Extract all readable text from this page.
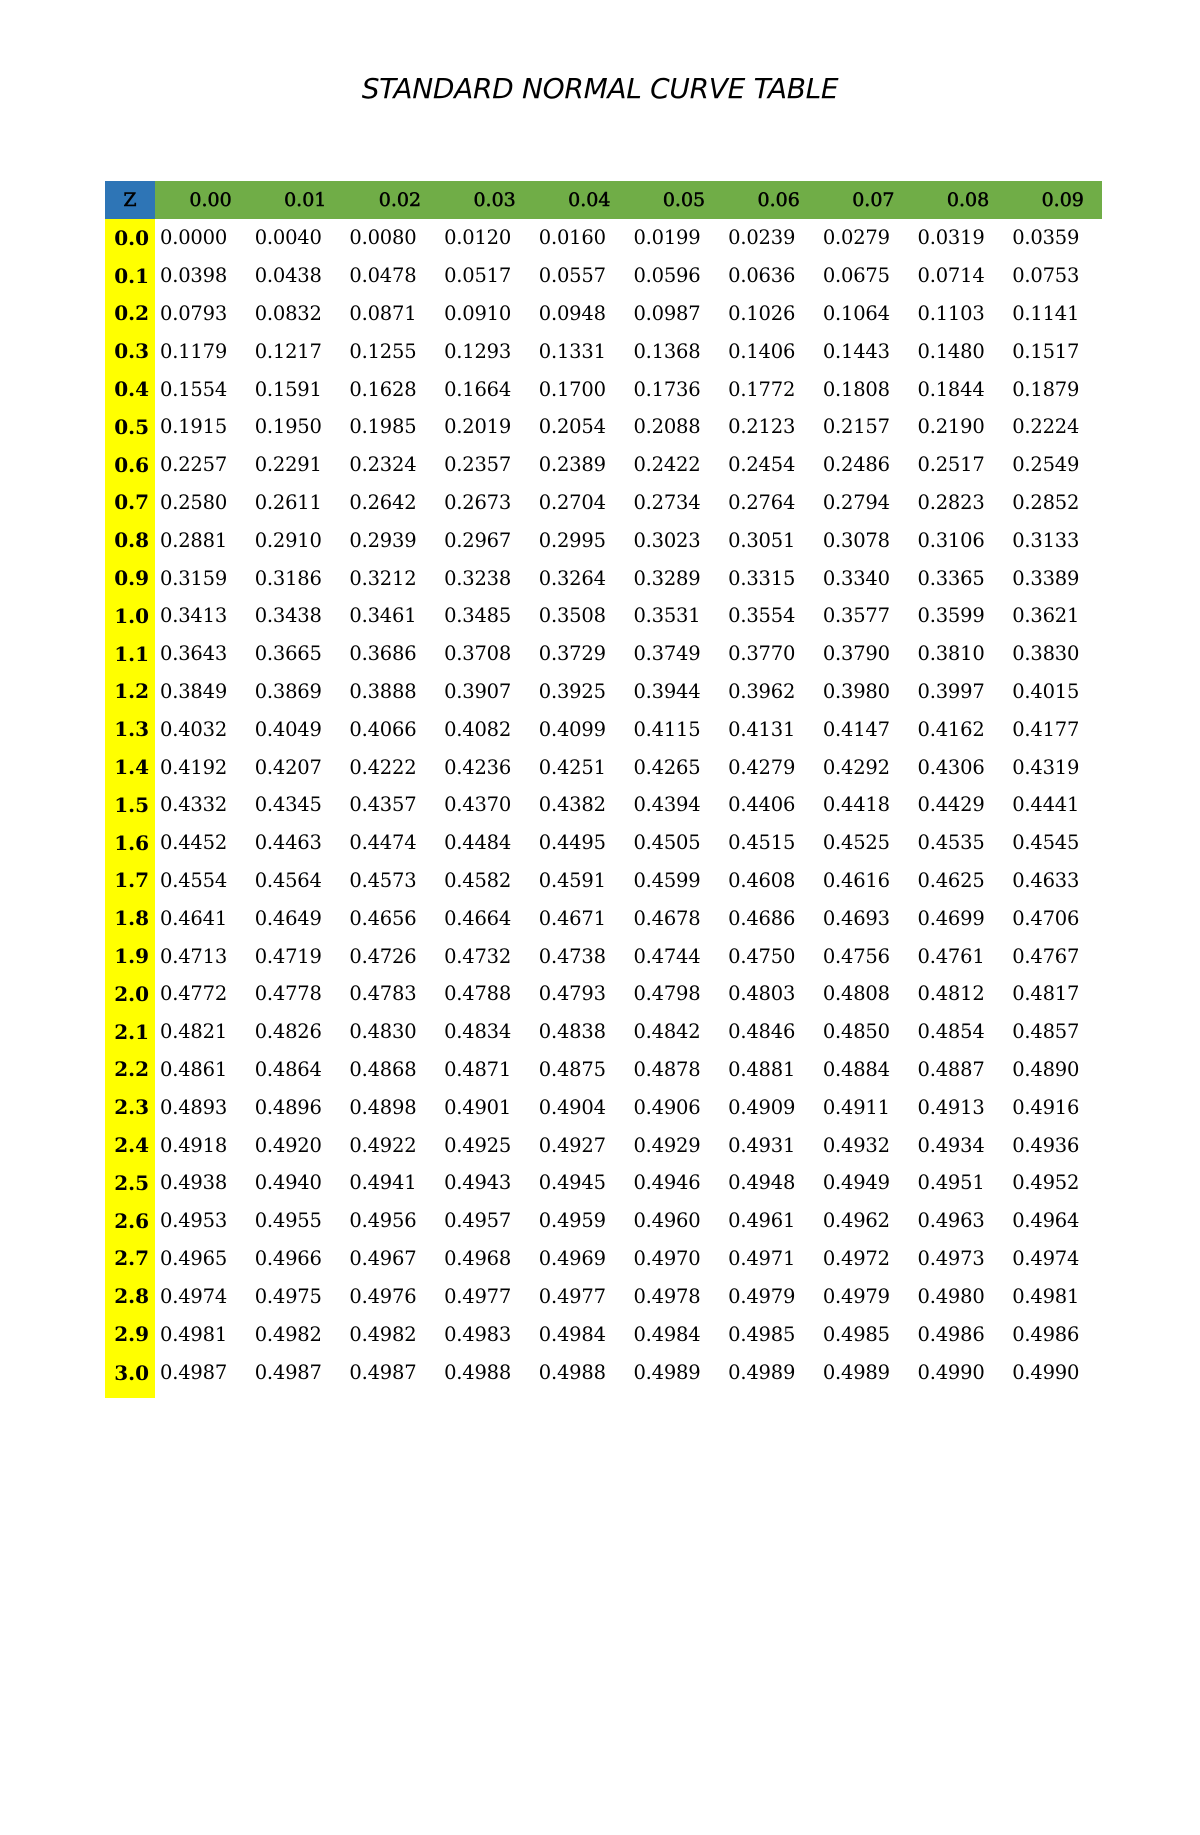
STANDARD NORMAL CURVE TABLE
Z	0.00	0.01	0.02	0.03	0.04	0.05	0.06	0.07	0.08	0.09
0.0	0.0000	0.0040	0.0080	0.0120	0.0160	0.0199	0.0239	0.0279	0.0319	0.0359
0.1	0.0398	0.0438	0.0478	0.0517	0.0557	0.0596	0.0636	0.0675	0.0714	0.0753
0.2	0.0793	0.0832	0.0871	0.0910	0.0948	0.0987	0.1026	0.1064	0.1103	0.1141
0.3	0.1179	0.1217	0.1255	0.1293	0.1331	0.1368	0.1406	0.1443	0.1480	0.1517
0.4	0.1554	0.1591	0.1628	0.1664	0.1700	0.1736	0.1772	0.1808	0.1844	0.1879
0.5	0.1915	0.1950	0.1985	0.2019	0.2054	0.2088	0.2123	0.2157	0.2190	0.2224
0.6	0.2257	0.2291	0.2324	0.2357	0.2389	0.2422	0.2454	0.2486	0.2517	0.2549
0.7	0.2580	0.2611	0.2642	0.2673	0.2704	0.2734	0.2764	0.2794	0.2823	0.2852
0.8	0.2881	0.2910	0.2939	0.2967	0.2995	0.3023	0.3051	0.3078	0.3106	0.3133
0.9	0.3159	0.3186	0.3212	0.3238	0.3264	0.3289	0.3315	0.3340	0.3365	0.3389
1.0	0.3413	0.3438	0.3461	0.3485	0.3508	0.3531	0.3554	0.3577	0.3599	0.3621
1.1	0.3643	0.3665	0.3686	0.3708	0.3729	0.3749	0.3770	0.3790	0.3810	0.3830
1.2	0.3849	0.3869	0.3888	0.3907	0.3925	0.3944	0.3962	0.3980	0.3997	0.4015
1.3	0.4032	0.4049	0.4066	0.4082	0.4099	0.4115	0.4131	0.4147	0.4162	0.4177
1.4	0.4192	0.4207	0.4222	0.4236	0.4251	0.4265	0.4279	0.4292	0.4306	0.4319
1.5	0.4332	0.4345	0.4357	0.4370	0.4382	0.4394	0.4406	0.4418	0.4429	0.4441
1.6	0.4452	0.4463	0.4474	0.4484	0.4495	0.4505	0.4515	0.4525	0.4535	0.4545
1.7	0.4554	0.4564	0.4573	0.4582	0.4591	0.4599	0.4608	0.4616	0.4625	0.4633
1.8	0.4641	0.4649	0.4656	0.4664	0.4671	0.4678	0.4686	0.4693	0.4699	0.4706
1.9	0.4713	0.4719	0.4726	0.4732	0.4738	0.4744	0.4750	0.4756	0.4761	0.4767
2.0	0.4772	0.4778	0.4783	0.4788	0.4793	0.4798	0.4803	0.4808	0.4812	0.4817
2.1	0.4821	0.4826	0.4830	0.4834	0.4838	0.4842	0.4846	0.4850	0.4854	0.4857
2.2	0.4861	0.4864	0.4868	0.4871	0.4875	0.4878	0.4881	0.4884	0.4887	0.4890
2.3	0.4893	0.4896	0.4898	0.4901	0.4904	0.4906	0.4909	0.4911	0.4913	0.4916
2.4	0.4918	0.4920	0.4922	0.4925	0.4927	0.4929	0.4931	0.4932	0.4934	0.4936
2.5	0.4938	0.4940	0.4941	0.4943	0.4945	0.4946	0.4948	0.4949	0.4951	0.4952
2.6	0.4953	0.4955	0.4956	0.4957	0.4959	0.4960	0.4961	0.4962	0.4963	0.4964
2.7	0.4965	0.4966	0.4967	0.4968	0.4969	0.4970	0.4971	0.4972	0.4973	0.4974
2.8	0.4974	0.4975	0.4976	0.4977	0.4977	0.4978	0.4979	0.4979	0.4980	0.4981
2.9	0.4981	0.4982	0.4982	0.4983	0.4984	0.4984	0.4985	0.4985	0.4986	0.4986
3.0	0.4987	0.4987	0.4987	0.4988	0.4988	0.4989	0.4989	0.4989	0.4990	0.4990
